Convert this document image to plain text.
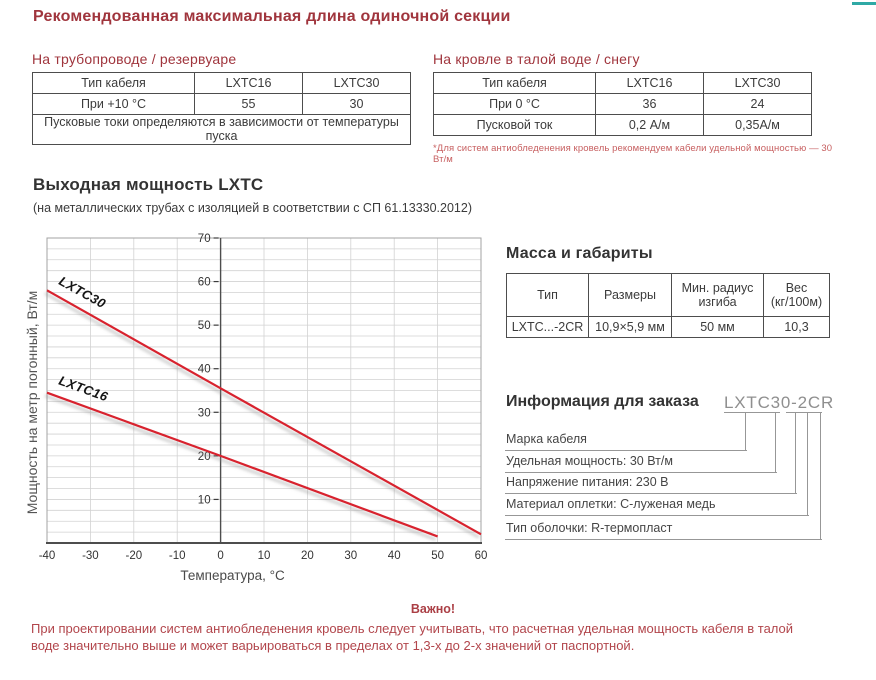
Рекомендованная максимальная длина одиночной секции
На трубопроводе / резервуаре
Тип кабеля	LXTC16	LXTC30
При +10 °C	55	30
Пусковые токи определяются в зависимости от температуры пуска		
На кровле в талой воде / снегу
Тип кабеля	LXTC16	LXTC30
При 0 °C	36	24
Пусковой ток	0,2 А/м	0,35А/м
*Для систем антиобледенения кровель рекомендуем кабели удельной мощностью — 30 Вт/м
Выходная мощность LXTC
(на металлических трубах с изоляцией в соответствии с СП 61.13330.2012)
10
20
30
40
50
60
70
-40 -30 -20 -10	0	10	20	30	40	50	60
Температура, °C
Мощность на метр погонный, Вт/м LXTC30
LXTC16
Масса и габариты
Тип	Размеры	Мин. радиус изгиба	Вес (кг/100м)
LXTC...-2CR	10,9×5,9 мм	50 мм	10,3
Информация для заказа LXTC30-2CR
Марка кабеля
Удельная мощность: 30 Вт/м
Напряжение питания: 230 В
Материал оплетки: С-луженая медь
Тип оболочки: R-термопласт
Важно!
При проектировании систем антиобледенения кровель следует учитывать, что расчетная удельная мощность кабеля в талой
воде значительно выше и может варьироваться в пределах от 1,3-х до 2-х значений от паспортной.
